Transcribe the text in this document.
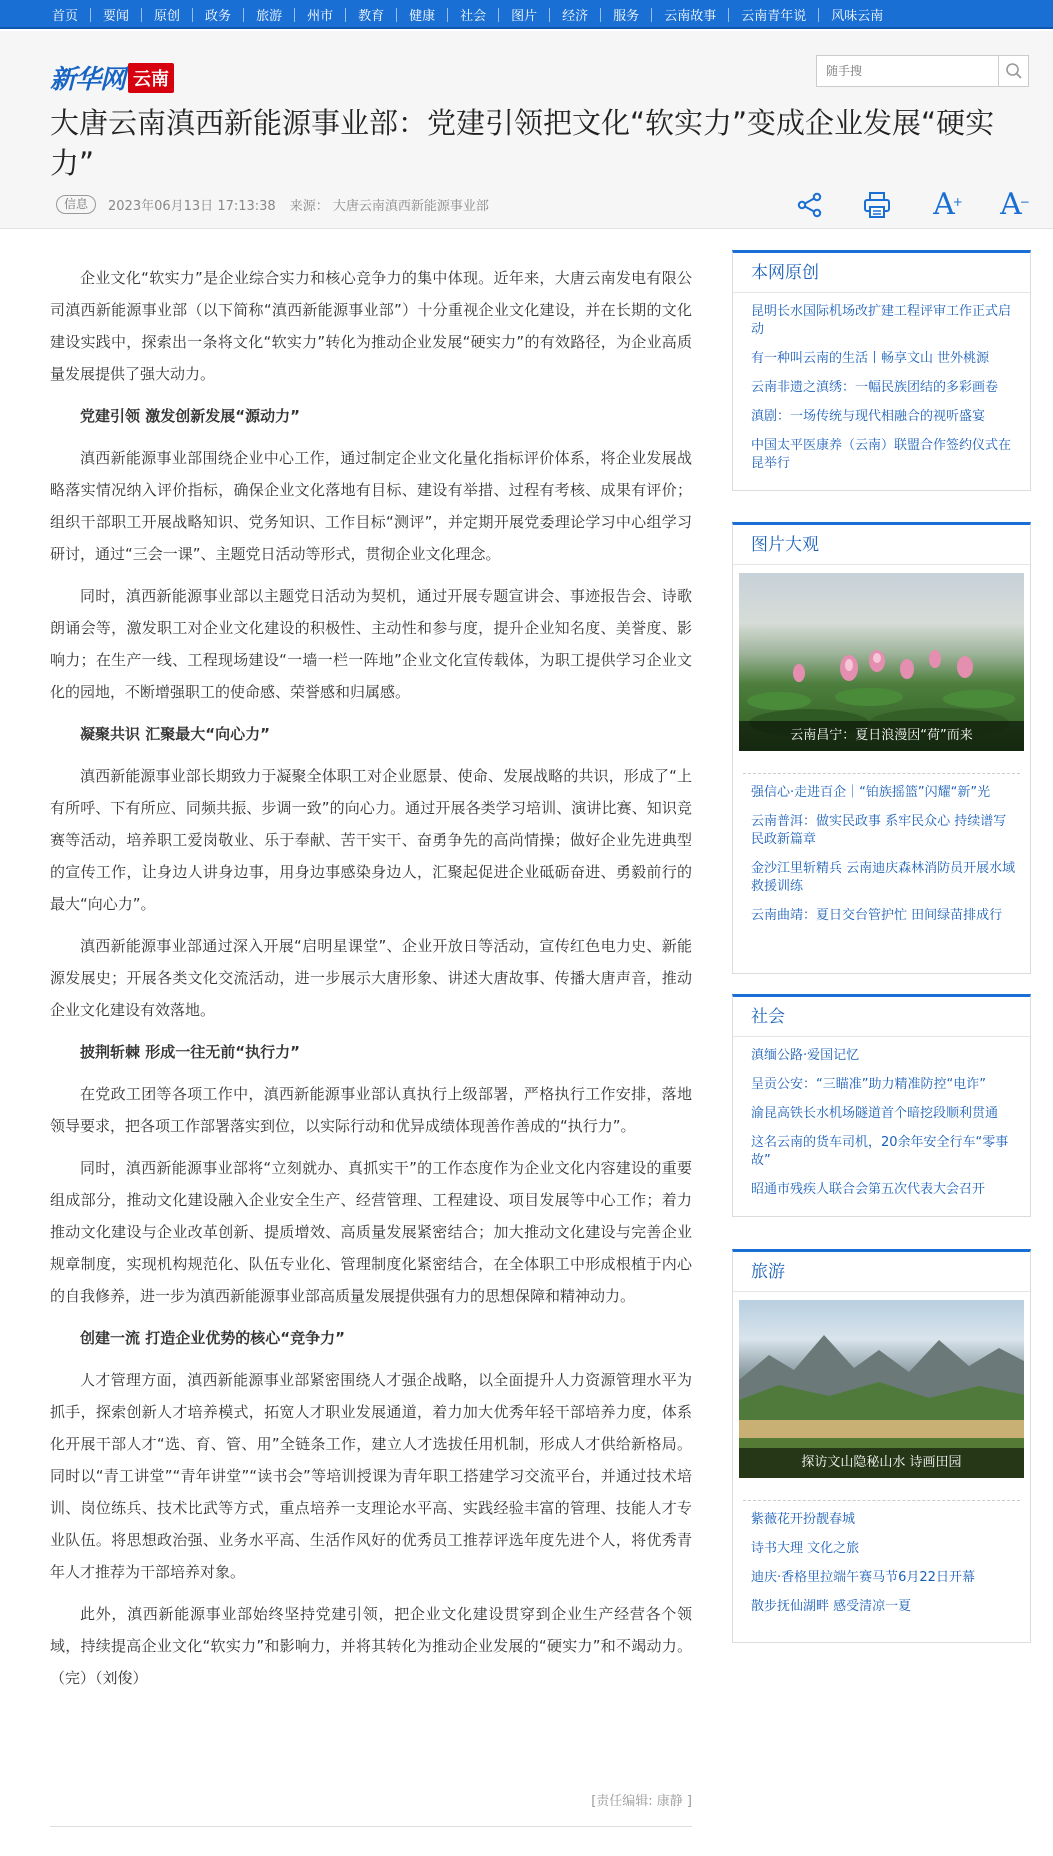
首页	要闻	原创	政务	旅游	州市	教育	健康	社会	图片	经济	服务	云南故事	云南青年说	风味云南
新华网 云南
随手搜
大唐云南滇西新能源事业部：党建引领把文化“软实力”变成企业发展“硬实力”
信息	2023年06月13日 17:13:38 来源： 大唐云南滇西新能源事业部	A
+ A
−

企业文化“软实力”是企业综合实力和核心竞争力的集中体现。近年来，大唐云南发电有限公司滇西新能源事业部（以下简称“滇西新能源事业部”）十分重视企业文化建设，并在长期的文化建设实践中，探索出一条将文化“软实力”转化为推动企业发展“硬实力”的有效路径，为企业高质量发展提供了强大动力。

党建引领 激发创新发展“源动力”

滇西新能源事业部围绕企业中心工作，通过制定企业文化量化指标评价体系，将企业发展战略落实情况纳入评价指标，确保企业文化落地有目标、建设有举措、过程有考核、成果有评价；组织干部职工开展战略知识、党务知识、工作目标“测评”，并定期开展党委理论学习中心组学习研讨，通过“三会一课”、主题党日活动等形式，贯彻企业文化理念。

同时，滇西新能源事业部以主题党日活动为契机，通过开展专题宣讲会、事迹报告会、诗歌朗诵会等，激发职工对企业文化建设的积极性、主动性和参与度，提升企业知名度、美誉度、影响力；在生产一线、工程现场建设“一墙一栏一阵地”企业文化宣传载体，为职工提供学习企业文化的园地，不断增强职工的使命感、荣誉感和归属感。

凝聚共识 汇聚最大“向心力”

滇西新能源事业部长期致力于凝聚全体职工对企业愿景、使命、发展战略的共识，形成了“上有所呼、下有所应、同频共振、步调一致”的向心力。通过开展各类学习培训、演讲比赛、知识竞赛等活动，培养职工爱岗敬业、乐于奉献、苦干实干、奋勇争先的高尚情操；做好企业先进典型的宣传工作，让身边人讲身边事，用身边事感染身边人，汇聚起促进企业砥砺奋进、勇毅前行的最大“向心力”。

滇西新能源事业部通过深入开展“启明星课堂”、企业开放日等活动，宣传红色电力史、新能源发展史；开展各类文化交流活动，进一步展示大唐形象、讲述大唐故事、传播大唐声音，推动企业文化建设有效落地。

披荆斩棘 形成一往无前“执行力”

在党政工团等各项工作中，滇西新能源事业部认真执行上级部署，严格执行工作安排，落地领导要求，把各项工作部署落实到位，以实际行动和优异成绩体现善作善成的“执行力”。

同时，滇西新能源事业部将“立刻就办、真抓实干”的工作态度作为企业文化内容建设的重要组成部分，推动文化建设融入企业安全生产、经营管理、工程建设、项目发展等中心工作；着力推动文化建设与企业改革创新、提质增效、高质量发展紧密结合；加大推动文化建设与完善企业规章制度，实现机构规范化、队伍专业化、管理制度化紧密结合，在全体职工中形成根植于内心的自我修养，进一步为滇西新能源事业部高质量发展提供强有力的思想保障和精神动力。

创建一流 打造企业优势的核心“竞争力”

人才管理方面，滇西新能源事业部紧密围绕人才强企战略，以全面提升人力资源管理水平为抓手，探索创新人才培养模式，拓宽人才职业发展通道，着力加大优秀年轻干部培养力度，体系化开展干部人才“选、育、管、用”全链条工作，建立人才选拔任用机制，形成人才供给新格局。同时以“青工讲堂”“青年讲堂”“读书会”等培训授课为青年职工搭建学习交流平台，并通过技术培训、岗位练兵、技术比武等方式，重点培养一支理论水平高、实践经验丰富的管理、技能人才专业队伍。将思想政治强、业务水平高、生活作风好的优秀员工推荐评选年度先进个人，将优秀青年人才推荐为干部培养对象。

此外，滇西新能源事业部始终坚持党建引领，把企业文化建设贯穿到企业生产经营各个领域，持续提高企业文化“软实力”和影响力，并将其转化为推动企业发展的“硬实力”和不竭动力。（完）（刘俊）

[责任编辑: 康静 ]
本网原创
昆明长水国际机场改扩建工程评审工作正式启动
有一种叫云南的生活丨畅享文山 世外桃源
云南非遗之滇绣：一幅民族团结的多彩画卷
滇剧：一场传统与现代相融合的视听盛宴
中国太平医康养（云南）联盟合作签约仪式在昆举行
图片大观
云南昌宁：夏日浪漫因“荷”而来
强信心·走进百企｜“铂族摇篮”闪耀“新”光
云南普洱：做实民政事 系牢民众心 持续谱写民政新篇章
金沙江里斩精兵 云南迪庆森林消防员开展水域救援训练
云南曲靖：夏日交台管护忙 田间绿苗排成行
社会
滇缅公路·爱国记忆
呈贡公安：“三瞄准”助力精准防控“电诈”
渝昆高铁长水机场隧道首个暗挖段顺利贯通
这名云南的货车司机，20余年安全行车“零事故”
昭通市残疾人联合会第五次代表大会召开
旅游
探访文山隐秘山水 诗画田园
紫薇花开扮靓春城
诗书大理 文化之旅
迪庆·香格里拉端午赛马节6月22日开幕
散步抚仙湖畔 感受清凉一夏
